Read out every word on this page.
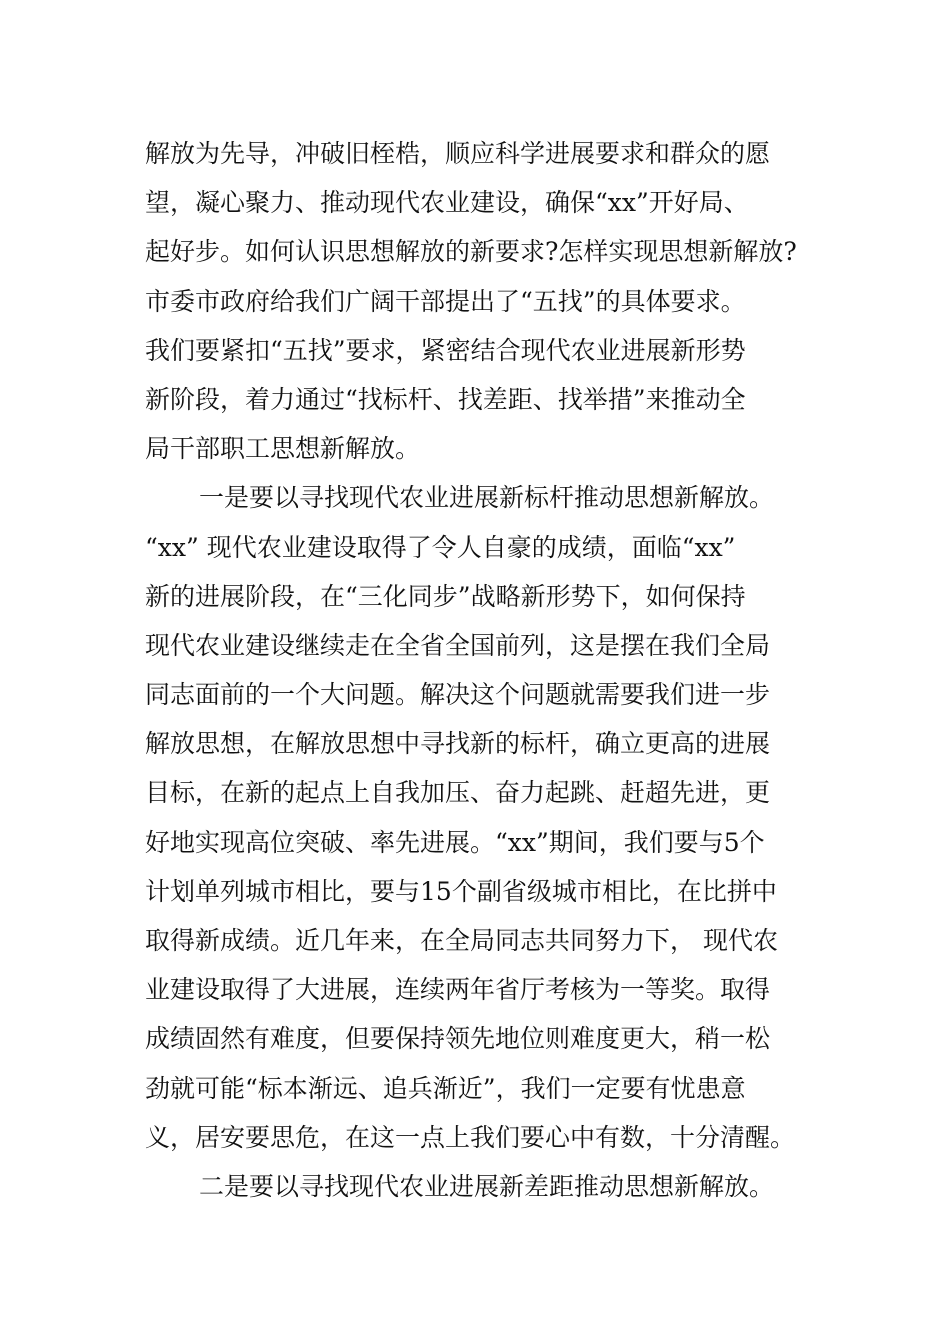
解放为先导，冲破旧桎梏，顺应科学进展要求和群众的愿
望，凝心聚力、推动现代农业建设，确保“xx”开好局、
起好步。如何认识思想解放的新要求?怎样实现思想新解放?
市委市政府给我们广阔干部提出了“五找”的具体要求。
我们要紧扣“五找”要求，紧密结合现代农业进展新形势
新阶段，着力通过“找标杆、找差距、找举措”来推动全
局干部职工思想新解放。
一是要以寻找现代农业进展新标杆推动思想新解放。
“xx” 现代农业建设取得了令人自豪的成绩，面临“xx”
新的进展阶段，在“三化同步”战略新形势下，如何保持
现代农业建设继续走在全省全国前列，这是摆在我们全局
同志面前的一个大问题。解决这个问题就需要我们进一步
解放思想，在解放思想中寻找新的标杆，确立更高的进展
目标，在新的起点上自我加压、奋力起跳、赶超先进，更
好地实现高位突破、率先进展。“xx”期间，我们要与5个
计划单列城市相比，要与15个副省级城市相比，在比拼中
取得新成绩。近几年来，在全局同志共同努力下， 现代农
业建设取得了大进展，连续两年省厅考核为一等奖。取得
成绩固然有难度，但要保持领先地位则难度更大，稍一松
劲就可能“标本渐远、追兵渐近”，我们一定要有忧患意
义，居安要思危，在这一点上我们要心中有数，十分清醒。
二是要以寻找现代农业进展新差距推动思想新解放。
